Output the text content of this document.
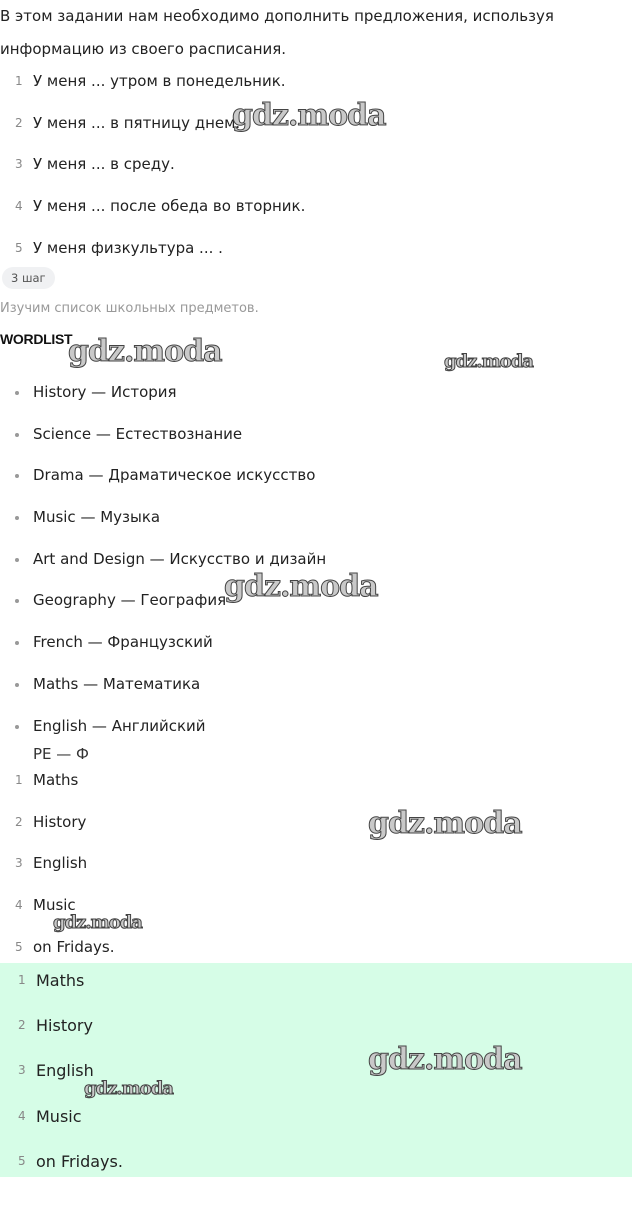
В этом задании нам необходимо дополнить предложения, используя информацию из своего расписания.

1 У меня ... утром в понедельник.
2 У меня ... в пятницу днем.
3 У меня ... в среду.
4 У меня ... после обеда во вторник.
5 У меня физкультура ... .
3 шаг

Изучим список школьных предметов.

WORDLIST
History — История
Science — Естествознание
Drama — Драматическое искусство
Music — Музыка
Art and Design — Искусство и дизайн
Geography — География
French — Французский
Maths — Математика
English — Английский
PE — Ф
1 Maths
2 History
3 English
4 Music
5 on Fridays.
1 Maths
2 History
3 English
4 Music
5 on Fridays.
gdz.moda
gdz.moda	gdz.moda
gdz.moda
gdz.moda
gdz.moda
gdz.moda
gdz.moda
